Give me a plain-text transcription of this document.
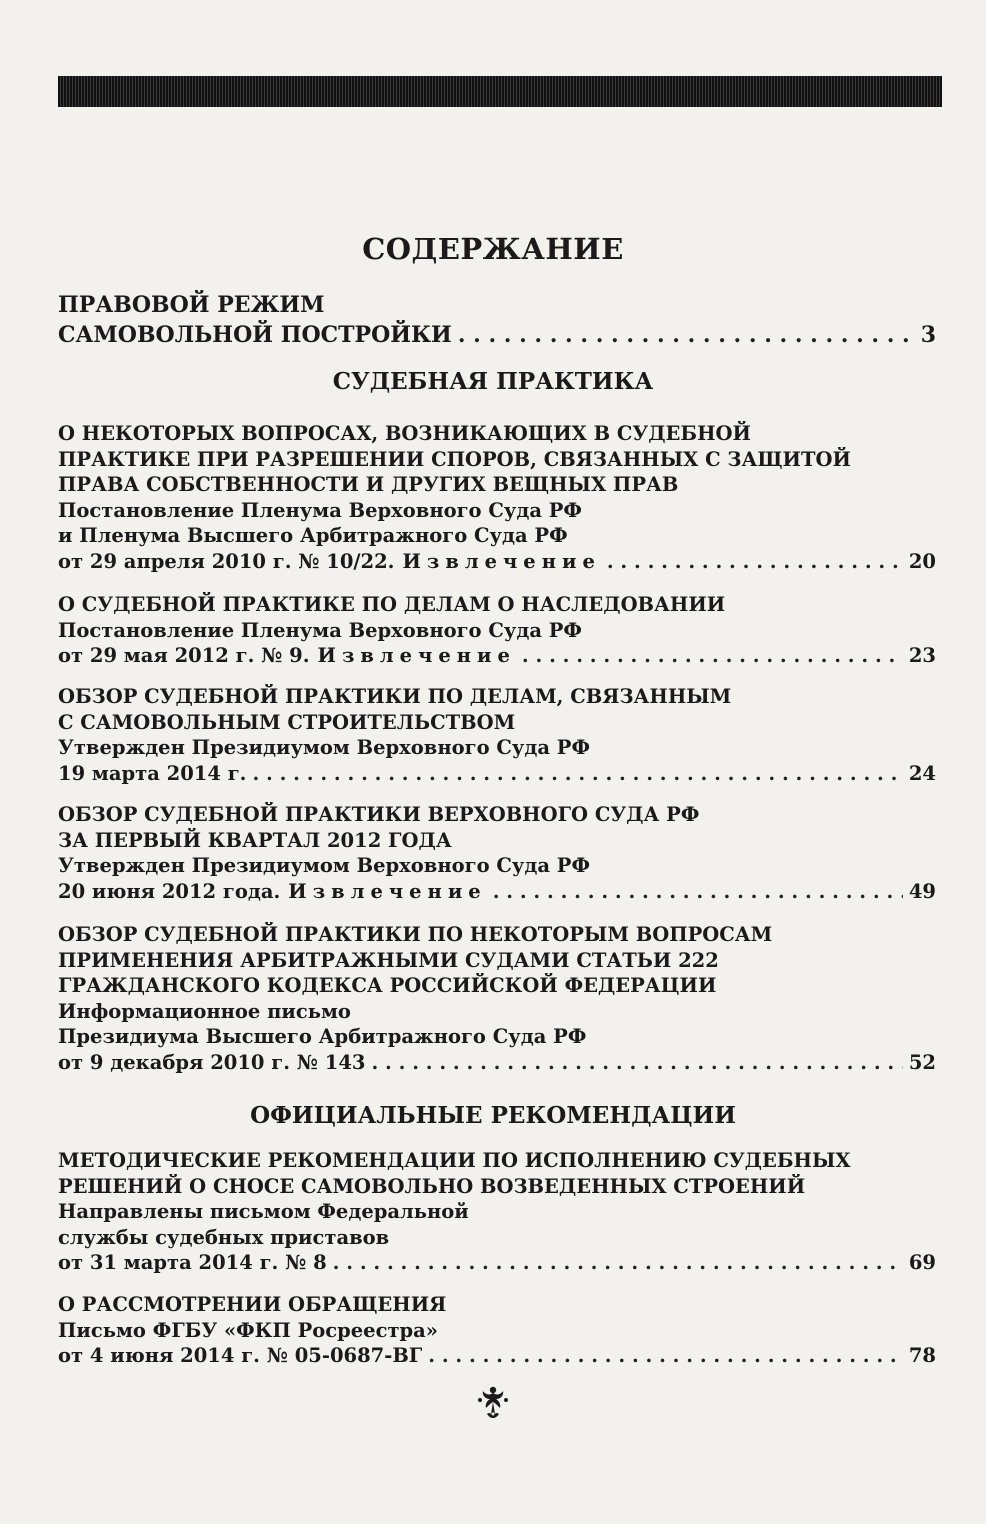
СОДЕРЖАНИЕ
ПРАВОВОЙ РЕЖИМ
САМОВОЛЬНОЙ ПОСТРОЙКИ . . .	3
СУДЕБНАЯ ПРАКТИКА
О НЕКОТОРЫХ ВОПРОСАХ, ВОЗНИКАЮЩИХ В СУДЕБНОЙ
ПРАКТИКЕ ПРИ РАЗРЕШЕНИИ СПОРОВ, СВЯЗАННЫХ С ЗАЩИТОЙ
ПРАВА СОБСТВЕННОСТИ И ДРУГИХ ВЕЩНЫХ ПРАВ
Постановление Пленума Верховного Суда РФ
и Пленума Высшего Арбитражного Суда РФ
от 29 апреля 2010 г. № 10/22. Извлечение . . .	20
О СУДЕБНОЙ ПРАКТИКЕ ПО ДЕЛАМ О НАСЛЕДОВАНИИ
Постановление Пленума Верховного Суда РФ
от 29 мая 2012 г. № 9. Извлечение . . .	23
ОБЗОР СУДЕБНОЙ ПРАКТИКИ ПО ДЕЛАМ, СВЯЗАННЫМ
С САМОВОЛЬНЫМ СТРОИТЕЛЬСТВОМ
Утвержден Президиумом Верховного Суда РФ
19 марта 2014 г. . . .	24
ОБЗОР СУДЕБНОЙ ПРАКТИКИ ВЕРХОВНОГО СУДА РФ
ЗА ПЕРВЫЙ КВАРТАЛ 2012 ГОДА
Утвержден Президиумом Верховного Суда РФ
20 июня 2012 года. Извлечение . . .	49
ОБЗОР СУДЕБНОЙ ПРАКТИКИ ПО НЕКОТОРЫМ ВОПРОСАМ
ПРИМЕНЕНИЯ АРБИТРАЖНЫМИ СУДАМИ СТАТЬИ 222
ГРАЖДАНСКОГО КОДЕКСА РОССИЙСКОЙ ФЕДЕРАЦИИ
Информационное письмо
Президиума Высшего Арбитражного Суда РФ
от 9 декабря 2010 г. № 143 . . .	52
ОФИЦИАЛЬНЫЕ РЕКОМЕНДАЦИИ
МЕТОДИЧЕСКИЕ РЕКОМЕНДАЦИИ ПО ИСПОЛНЕНИЮ СУДЕБНЫХ
РЕШЕНИЙ О СНОСЕ САМОВОЛЬНО ВОЗВЕДЕННЫХ СТРОЕНИЙ
Направлены письмом Федеральной
службы судебных приставов
от 31 марта 2014 г. № 8 . . .	69
О РАССМОТРЕНИИ ОБРАЩЕНИЯ
Письмо ФГБУ «ФКП Росреестра»
от 4 июня 2014 г. № 05-0687-ВГ . . .	78
